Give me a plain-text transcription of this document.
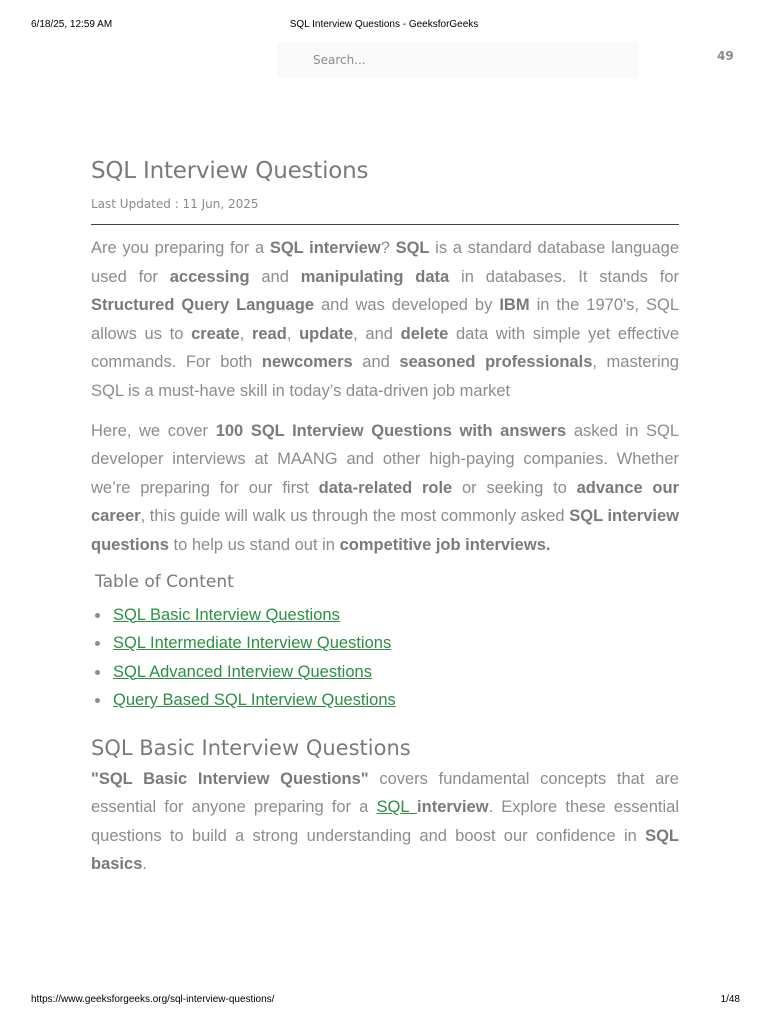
6/18/25, 12:59 AM	SQL Interview Questions - GeeksforGeeks
Search...
49
SQL Interview Questions
Last Updated : 11 Jun, 2025

Are you preparing for a SQL interview? SQL is a standard database language used for accessing and manipulating data in databases. It stands for Structured Query Language and was developed by IBM in the 1970's, SQL allows us to create, read, update, and delete data with simple yet effective commands. For both newcomers and seasoned professionals, mastering SQL is a must-have skill in today’s data-driven job market

Here, we cover 100 SQL Interview Questions with answers asked in SQL developer interviews at MAANG and other high-paying companies. Whether we’re preparing for our first data-related role or seeking to advance our career, this guide will walk us through the most commonly asked SQL interview questions to help us stand out in competitive job interviews.

Table of Content
SQL Basic Interview Questions
SQL Intermediate Interview Questions
SQL Advanced Interview Questions
Query Based SQL Interview Questions
SQL Basic Interview Questions

"SQL Basic Interview Questions" covers fundamental concepts that are essential for anyone preparing for a SQL interview. Explore these essential questions to build a strong understanding and boost our confidence in SQL basics.

https://www.geeksforgeeks.org/sql-interview-questions/	1/48
